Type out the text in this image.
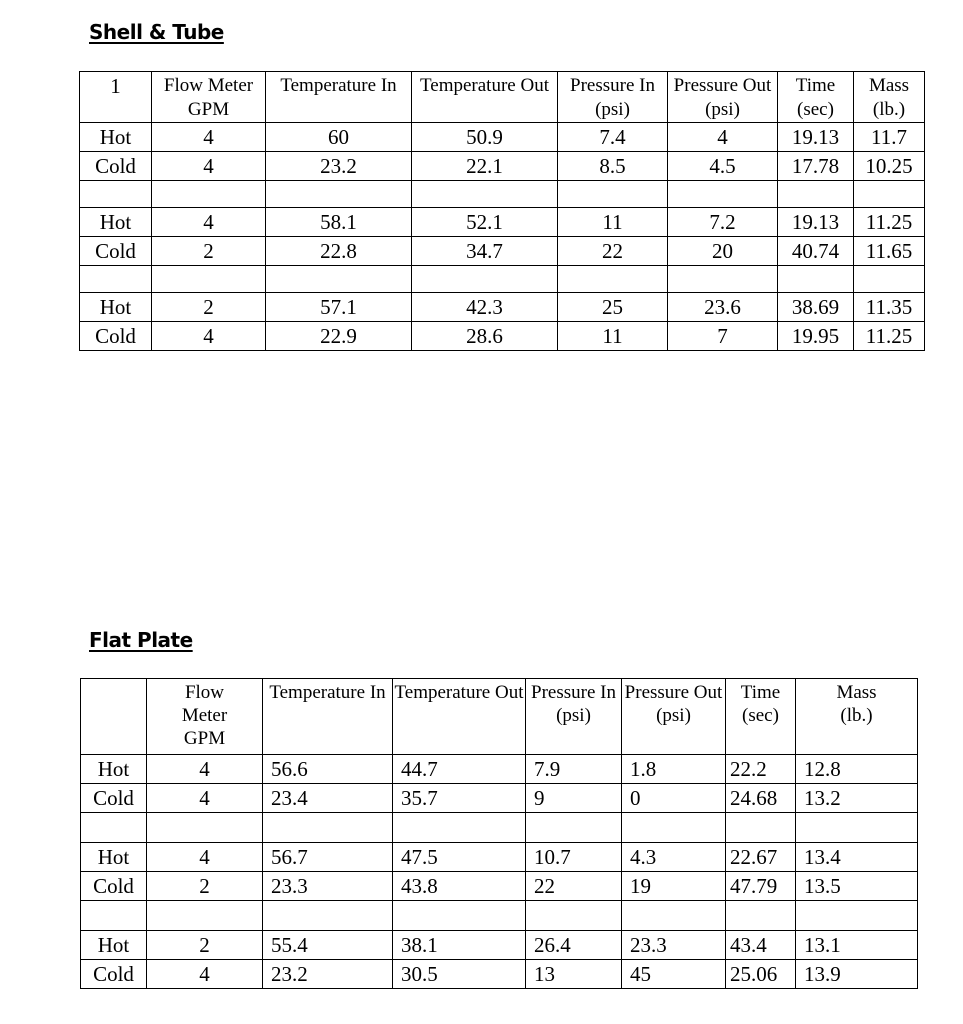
Shell & Tube
1	Flow Meter GPM	Temperature In	Temperature Out	Pressure In (psi)	Pressure Out (psi)	Time (sec)	Mass (lb.)
Hot	4	60	50.9	7.4	4	19.13	11.7
Cold	4	23.2	22.1	8.5	4.5	17.78	10.25

Hot	4	58.1	52.1	11	7.2	19.13	11.25
Cold	2	22.8	34.7	22	20	40.74	11.65

Hot	2	57.1	42.3	25	23.6	38.69	11.35
Cold	4	22.9	28.6	11	7	19.95	11.25
Flat Plate
	Flow Meter GPM	Temperature In	Temperature Out	Pressure In (psi)	Pressure Out (psi)	Time (sec)	Mass (lb.)
Hot	4	56.6	44.7	7.9	1.8	22.2	12.8
Cold	4	23.4	35.7	9	0	24.68	13.2

Hot	4	56.7	47.5	10.7	4.3	22.67	13.4
Cold	2	23.3	43.8	22	19	47.79	13.5

Hot	2	55.4	38.1	26.4	23.3	43.4	13.1
Cold	4	23.2	30.5	13	45	25.06	13.9
